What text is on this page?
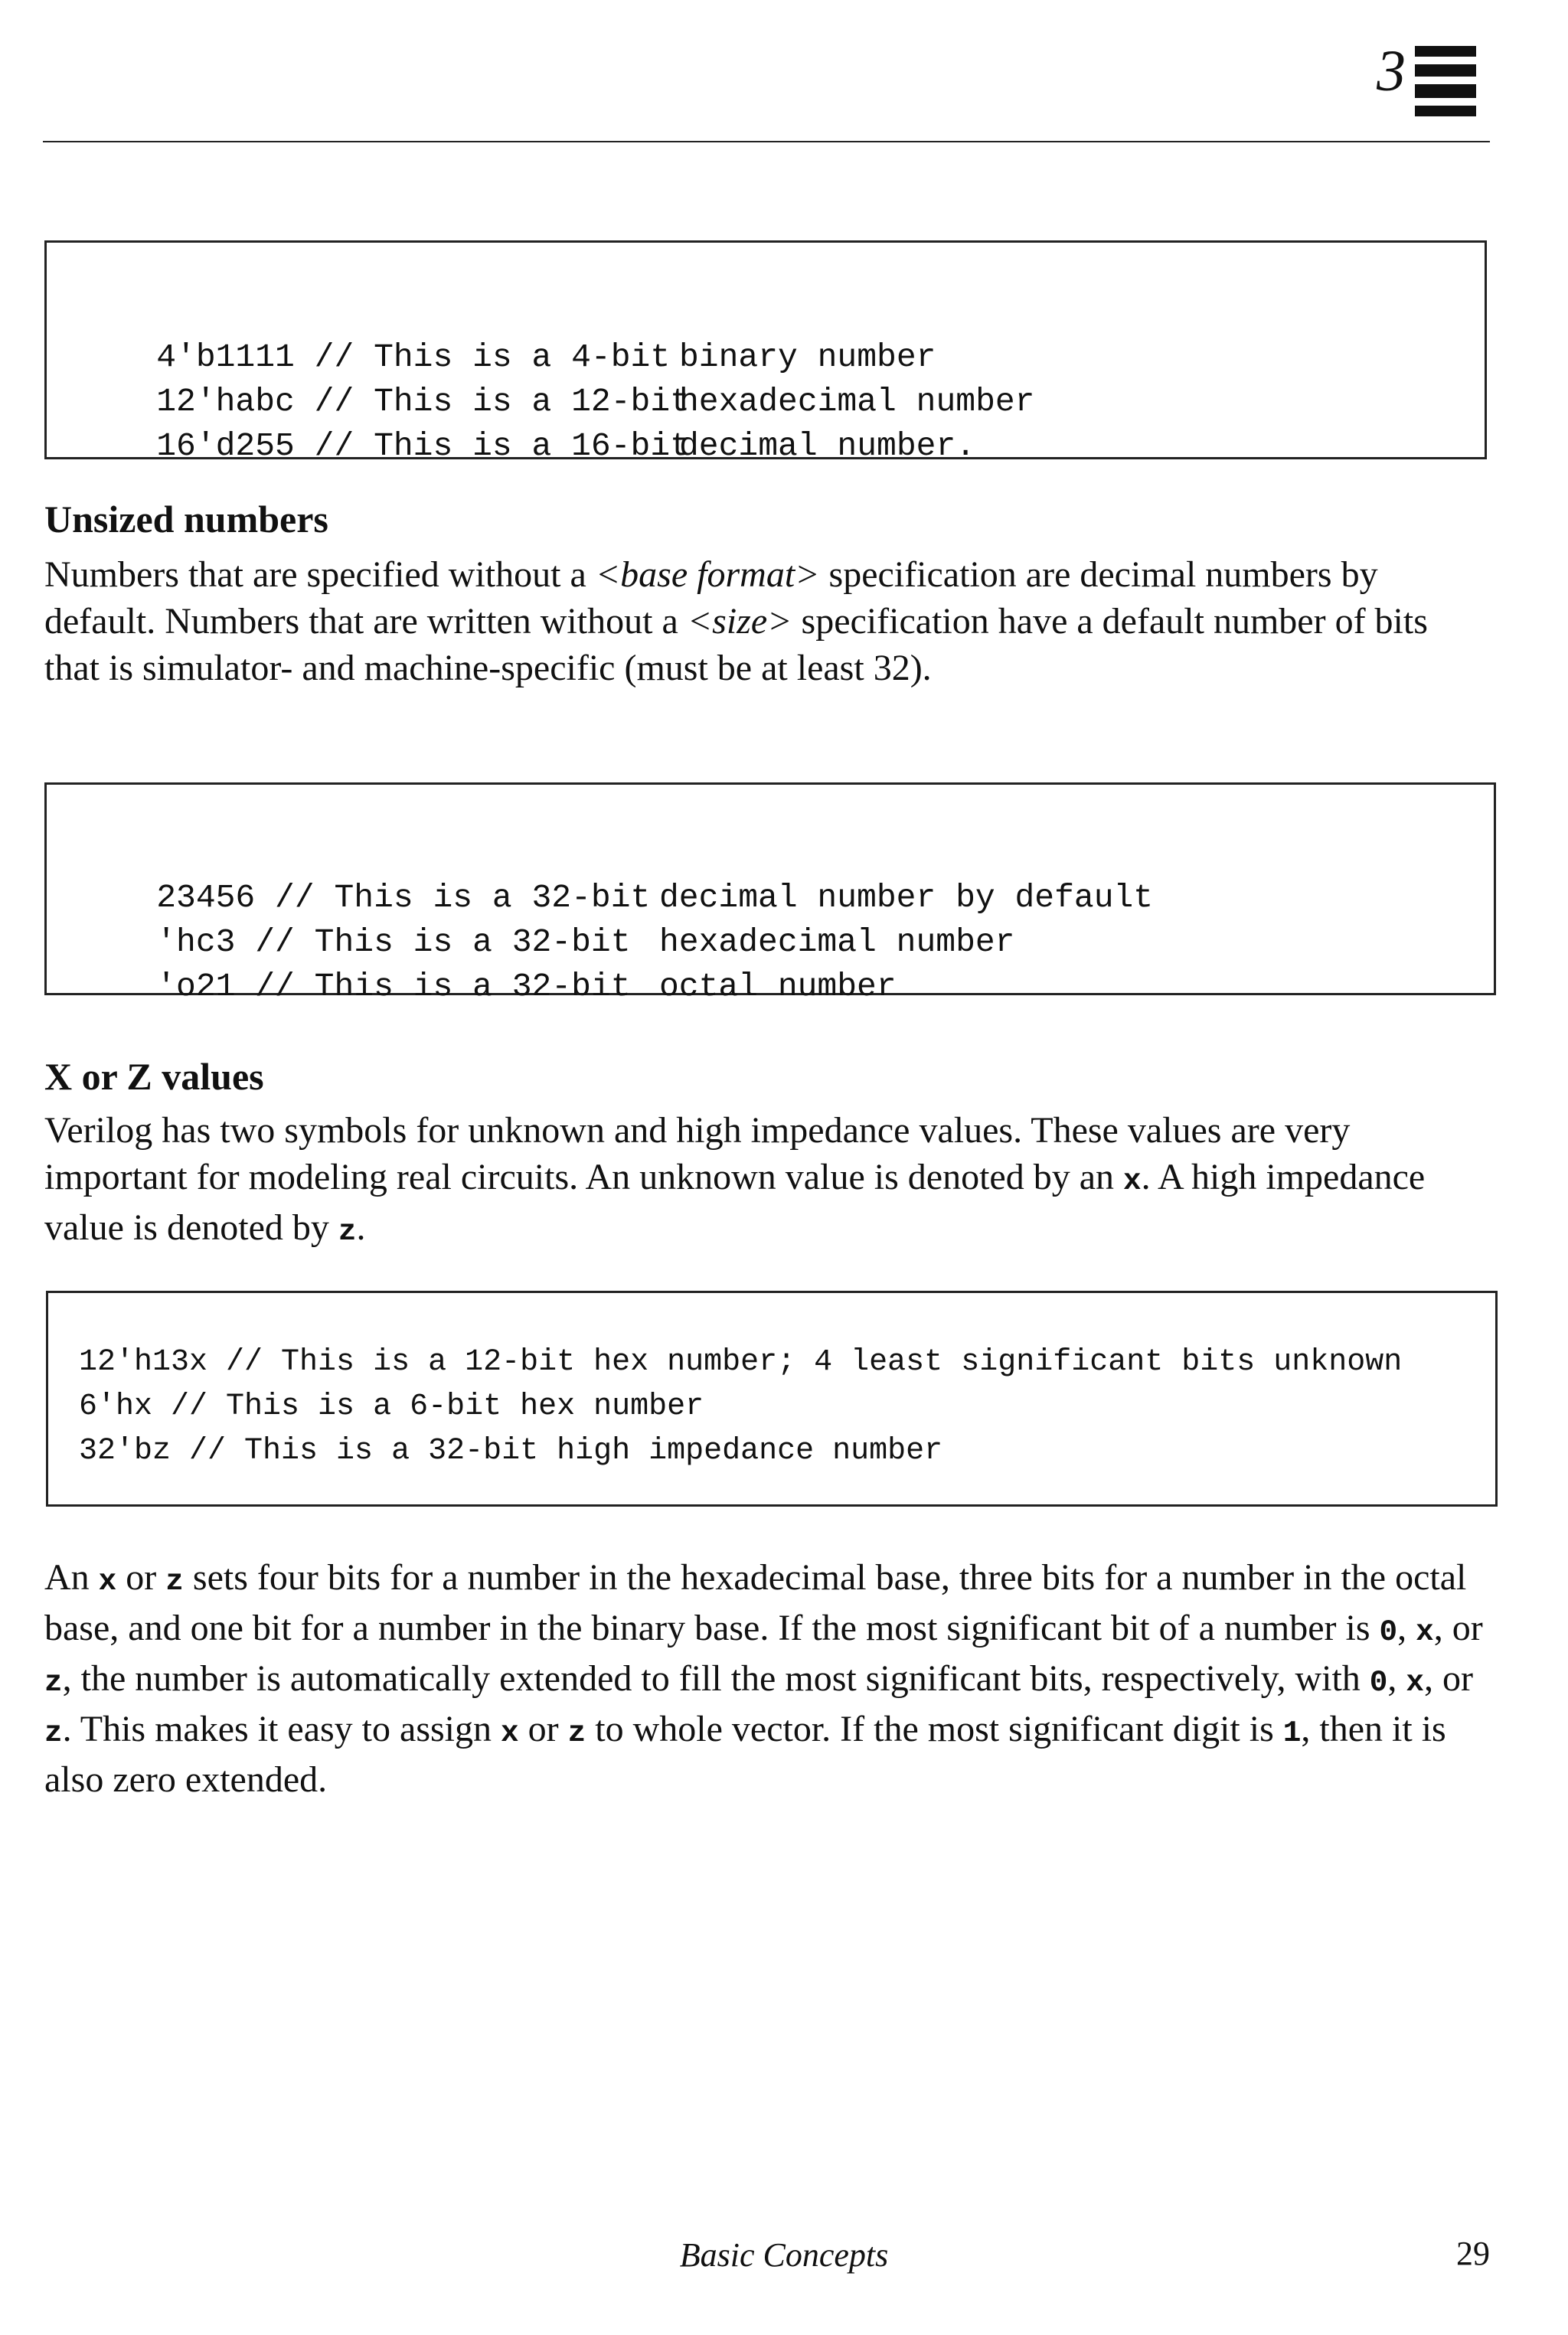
3

4'b1111 // This is a 4-bit binary number

12'habc // This is a 12-bit
hexadecimal number

16'd255 // This is a 16-bit
decimal number.

Unsized numbers

Numbers that are specified without a <base format> specification are decimal numbers by default. Numbers that are written without a <size> specification have a default number of bits that is simulator- and machine-specific (must be at least 32).

23456 // This is a 32-bit decimal number by default

'hc3 // This is a 32-bit hexadecimal number

'o21 // This is a 32-bit octal number

X or Z values

Verilog has two symbols for unknown and high impedance values. These values are very important for modeling real circuits. An unknown value is denoted by an x. A high impedance value is denoted by z.

12'h13x // This is a 12-bit hex number; 4 least significant bits unknown
6'hx // This is a 6-bit hex number
32'bz // This is a 32-bit high impedance number

An x or z sets four bits for a number in the hexadecimal base, three bits for a number in the octal base, and one bit for a number in the binary base. If the most significant bit of a number is 0, x, or z, the number is automatically extended to fill the most significant bits, respectively, with 0, x, or z. This makes it easy to assign x or z to whole vector. If the most significant digit is 1, then it is also zero extended.

Basic Concepts	29
